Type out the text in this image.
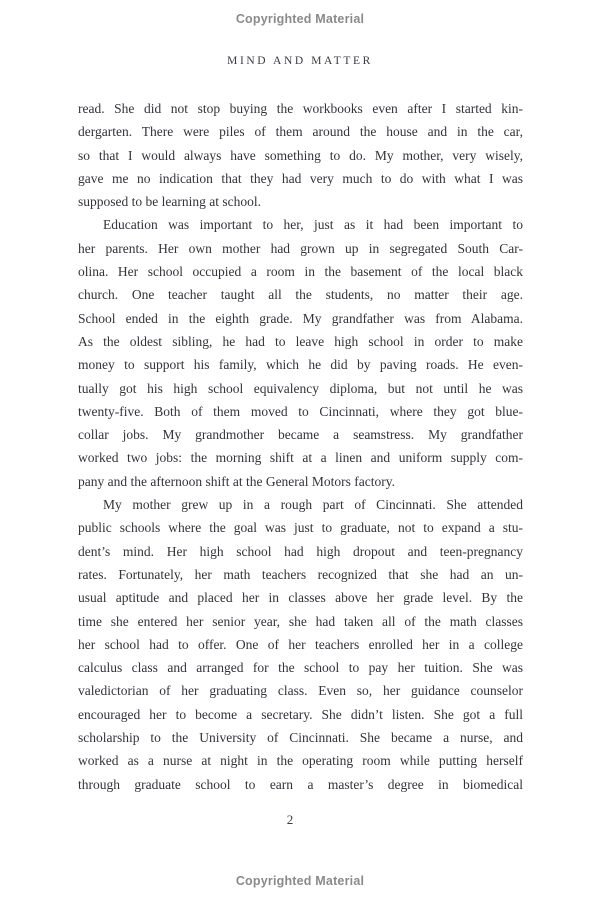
Copyrighted Material
MIND AND MATTER
read. She did not stop buying the workbooks even after I started kin-
dergarten. There were piles of them around the house and in the car,
so that I would always have something to do. My mother, very wisely,
gave me no indication that they had very much to do with what I was
supposed to be learning at school.
Education was important to her, just as it had been important to
her parents. Her own mother had grown up in segregated South Car-
olina. Her school occupied a room in the basement of the local black
church. One teacher taught all the students, no matter their age.
School ended in the eighth grade. My grandfather was from Alabama.
As the oldest sibling, he had to leave high school in order to make
money to support his family, which he did by paving roads. He even-
tually got his high school equivalency diploma, but not until he was
twenty-five. Both of them moved to Cincinnati, where they got blue-
collar jobs. My grandmother became a seamstress. My grandfather
worked two jobs: the morning shift at a linen and uniform supply com-
pany and the afternoon shift at the General Motors factory.
My mother grew up in a rough part of Cincinnati. She attended
public schools where the goal was just to graduate, not to expand a stu-
dent’s mind. Her high school had high dropout and teen-pregnancy
rates. Fortunately, her math teachers recognized that she had an un-
usual aptitude and placed her in classes above her grade level. By the
time she entered her senior year, she had taken all of the math classes
her school had to offer. One of her teachers enrolled her in a college
calculus class and arranged for the school to pay her tuition. She was
valedictorian of her graduating class. Even so, her guidance counselor
encouraged her to become a secretary. She didn’t listen. She got a full
scholarship to the University of Cincinnati. She became a nurse, and
worked as a nurse at night in the operating room while putting herself
through graduate school to earn a master’s degree in biomedical
2
Copyrighted Material
